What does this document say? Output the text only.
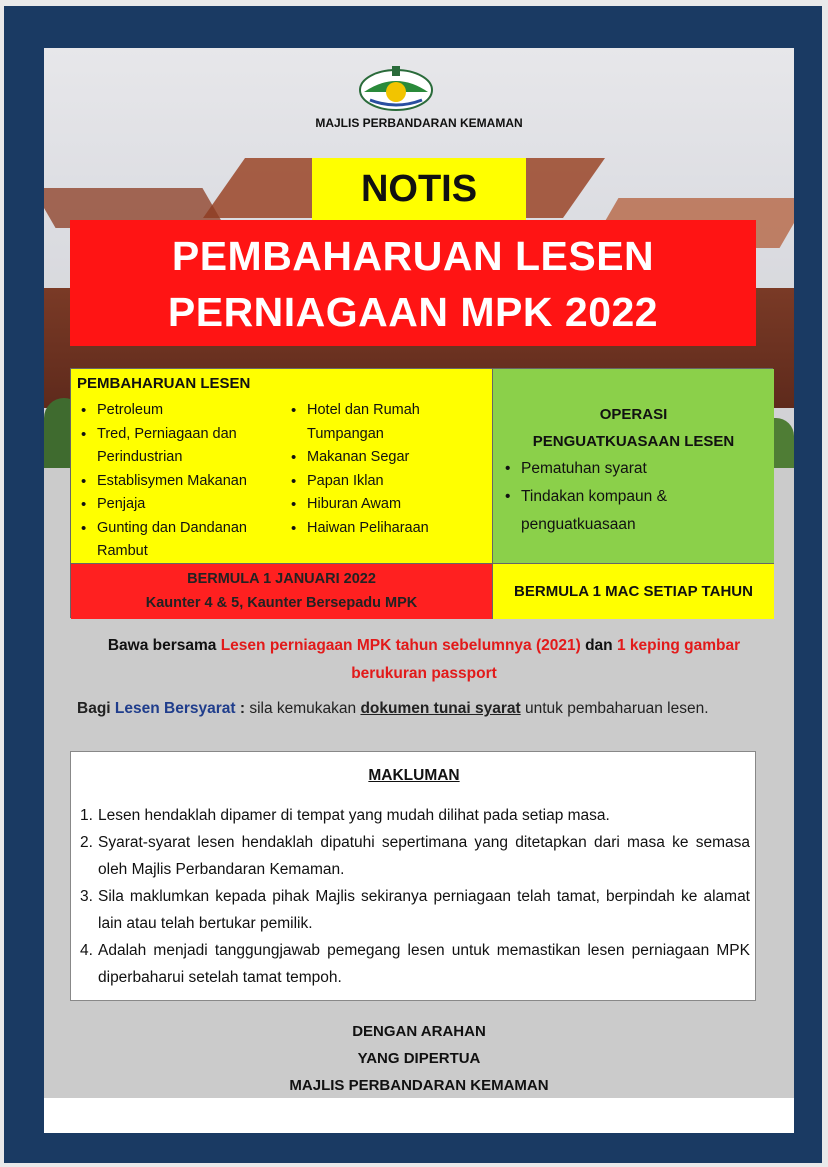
MAJLIS PERBANDARAN KEMAMAN
NOTIS
PEMBAHARUAN LESEN
PERNIAGAAN MPK 2022
PEMBAHARUAN LESEN
• Petroleum
• Tred, Perniagaan dan Perindustrian
• Establisymen Makanan
• Penjaja
• Gunting dan Dandanan Rambut
• Hotel dan Rumah Tumpangan
• Makanan Segar
• Papan Iklan
• Hiburan Awam
• Haiwan Peliharaan
OPERASI
PENGUATKUASAAN LESEN
• Pematuhan syarat
• Tindakan kompaun & penguatkuasaan
BERMULA 1 JANUARI 2022
Kaunter 4 & 5, Kaunter Bersepadu MPK
BERMULA 1 MAC SETIAP TAHUN
Bawa bersama Lesen perniagaan MPK tahun sebelumnya (2021) dan 1 keping gambar berukuran passport
Bagi Lesen Bersyarat : sila kemukakan dokumen tunai syarat untuk pembaharuan lesen.
MAKLUMAN
1. Lesen hendaklah dipamer di tempat yang mudah dilihat pada setiap masa.
2. Syarat-syarat lesen hendaklah dipatuhi sepertimana yang ditetapkan dari masa ke semasa oleh Majlis Perbandaran Kemaman.
3. Sila maklumkan kepada pihak Majlis sekiranya perniagaan telah tamat, berpindah ke alamat lain atau telah bertukar pemilik.
4. Adalah menjadi tanggungjawab pemegang lesen untuk memastikan lesen perniagaan MPK diperbaharui setelah tamat tempoh.
DENGAN ARAHAN
YANG DIPERTUA
MAJLIS PERBANDARAN KEMAMAN
